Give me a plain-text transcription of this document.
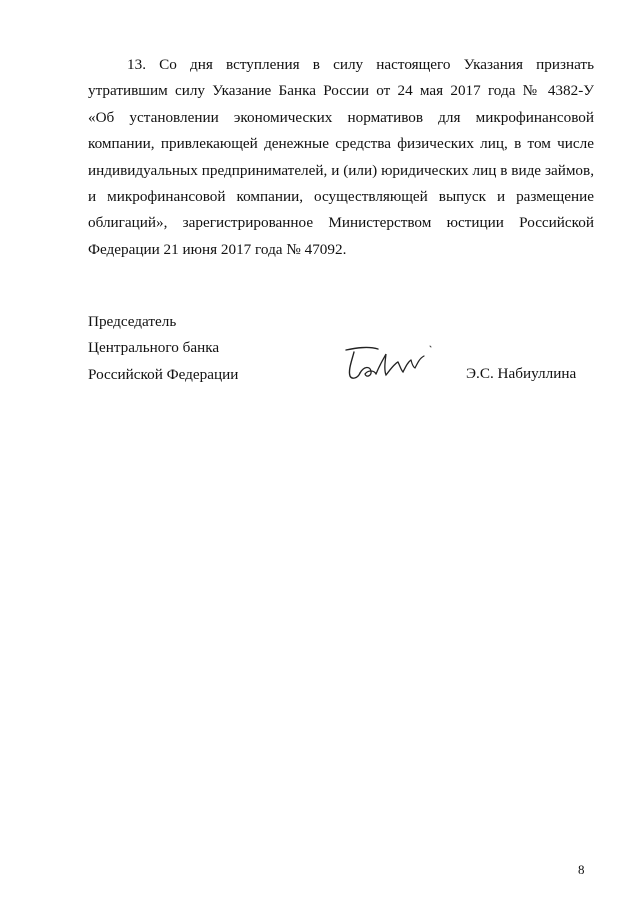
13. Со дня вступления в силу настоящего Указания признать
утратившим силу Указание Банка России от 24 мая 2017 года № 4382-У
«Об установлении экономических нормативов для микрофинансовой
компании, привлекающей денежные средства физических лиц, в том числе
индивидуальных предпринимателей, и (или) юридических лиц в виде займов,
и микрофинансовой компании, осуществляющей выпуск и размещение
облигаций», зарегистрированное Министерством юстиции Российской
Федерации 21 июня 2017 года № 47092.
Председатель
Центрального банка
Российской Федерации	Э.С. Набиуллина
8
